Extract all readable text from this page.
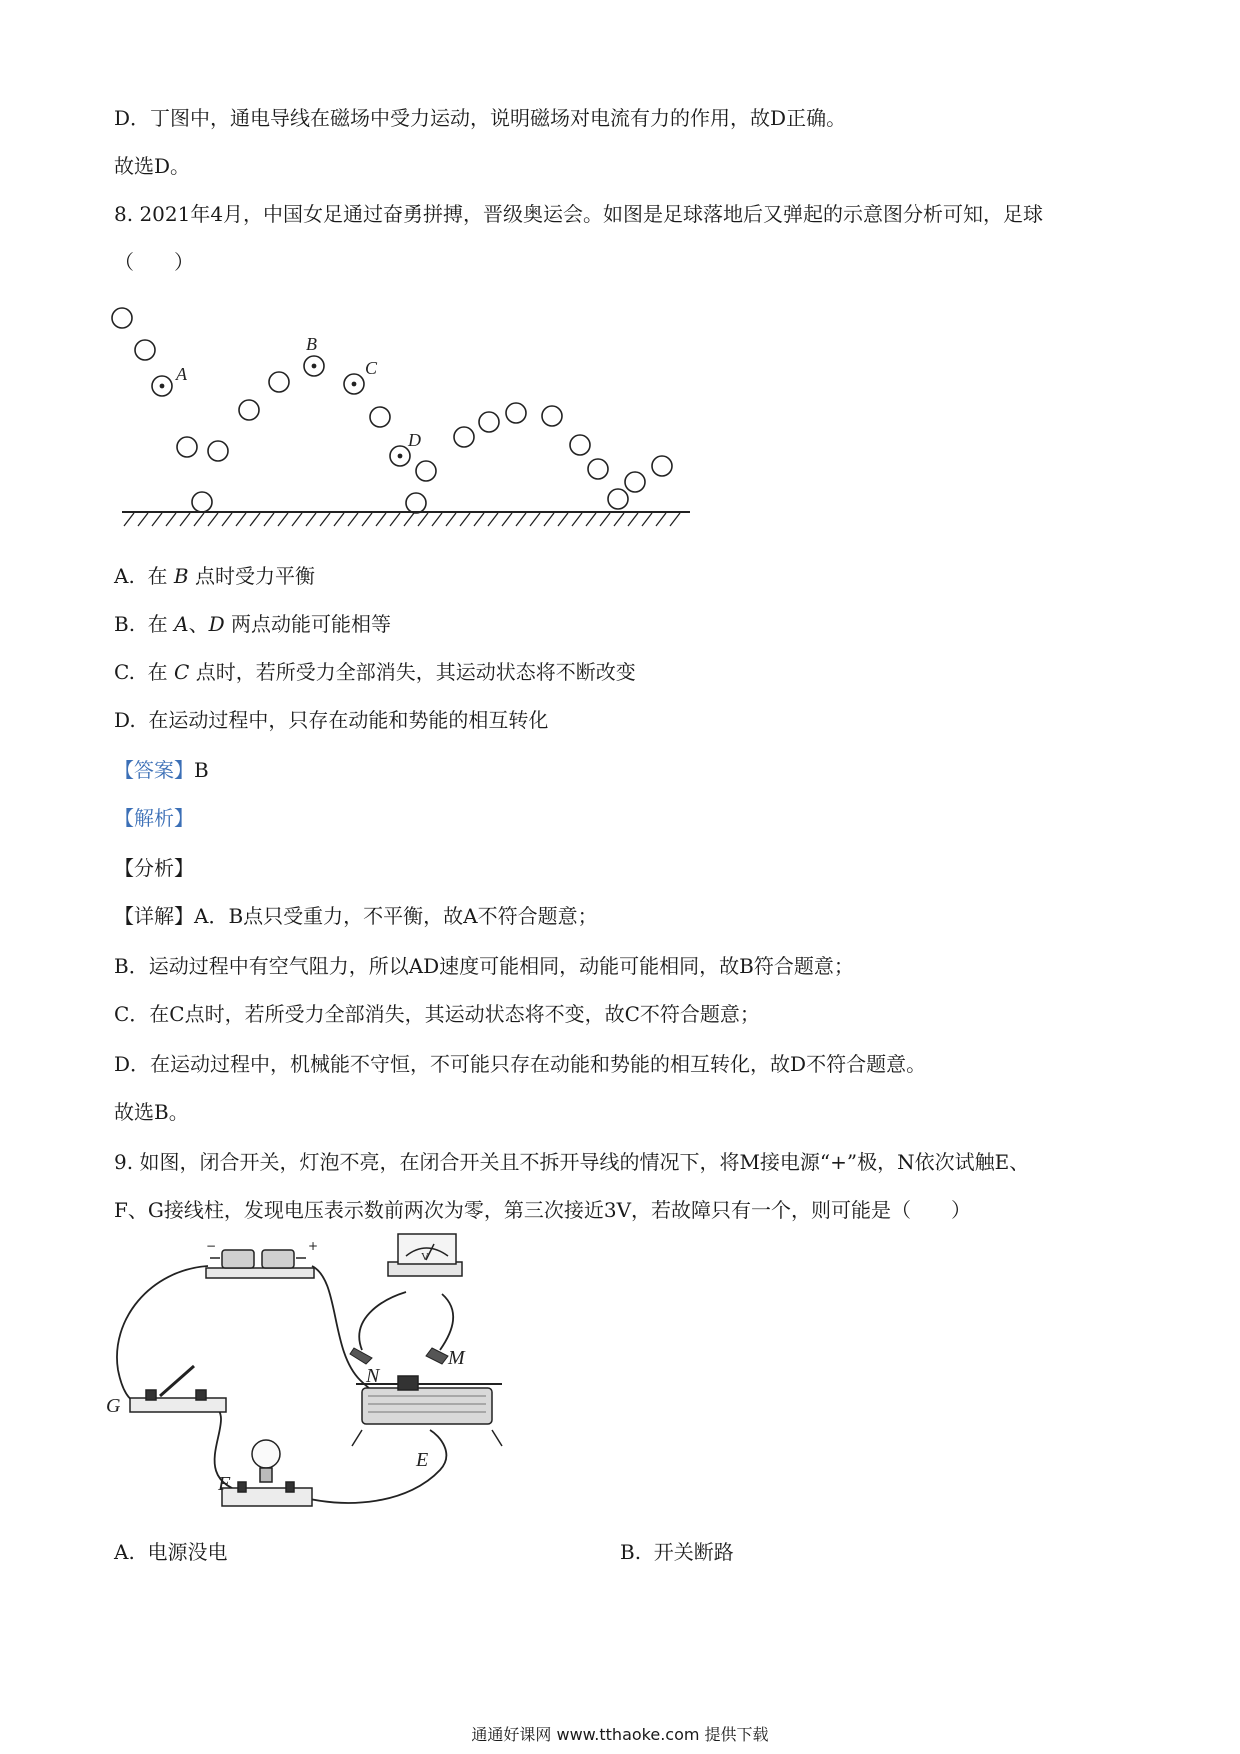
D．丁图中，通电导线在磁场中受力运动，说明磁场对电流有力的作用，故D正确。
故选D。
8. 2021年4月，中国女足通过奋勇拼搏，晋级奥运会。如图是足球落地后又弹起的示意图分析可知，足球
（　　）
A
B
C
D
A. 在 B 点时受力平衡
B. 在 A、D 两点动能可能相等
C. 在 C 点时，若所受力全部消失，其运动状态将不断改变
D. 在运动过程中，只存在动能和势能的相互转化
【答案】B
【解析】
【分析】
【详解】A．B点只受重力，不平衡，故A不符合题意；
B．运动过程中有空气阻力，所以AD速度可能相同，动能可能相同，故B符合题意；
C．在C点时，若所受力全部消失，其运动状态将不变，故C不符合题意；
D．在运动过程中，机械能不守恒，不可能只存在动能和势能的相互转化，故D不符合题意。
故选B。
9. 如图，闭合开关，灯泡不亮，在闭合开关且不拆开导线的情况下，将M接电源“+”极，N依次试触E、
F、G接线柱，发现电压表示数前两次为零，第三次接近3V，若故障只有一个，则可能是（　　）
−	+
V
G
N
M
E
F
A. 电源没电	B. 开关断路
通通好课网 www.tthaoke.com 提供下载
